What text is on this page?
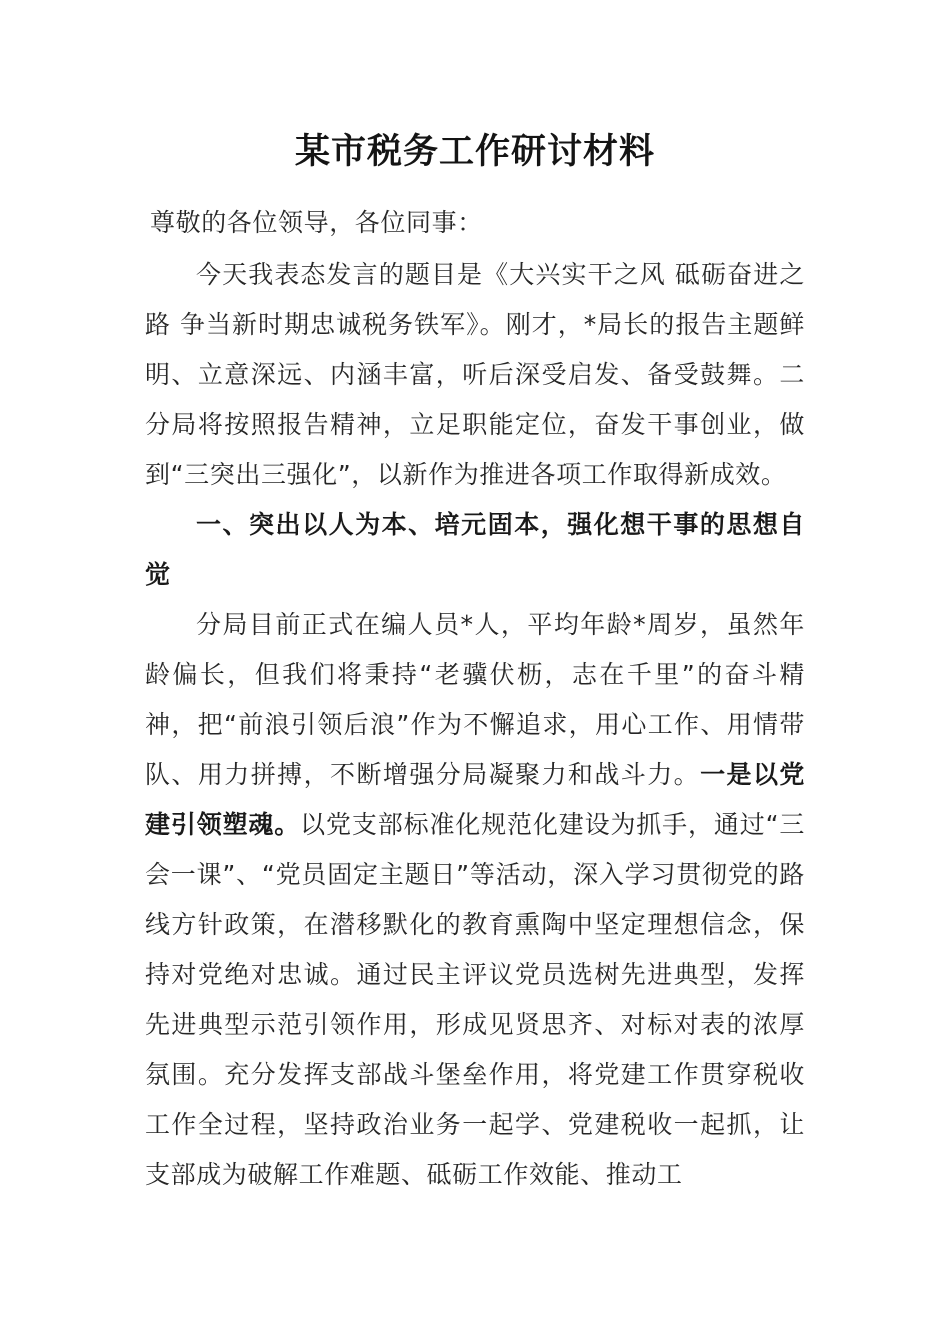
某市税务工作研讨材料
尊敬的各位领导，各位同事：
今天我表态发言的题目是《大兴实干之风 砥砺奋进之路 争当新时期忠诚税务铁军》。刚才，*局长的报告主题鲜明、立意深远、内涵丰富，听后深受启发、备受鼓舞。二分局将按照报告精神，立足职能定位，奋发干事创业，做到“三突出三强化”，以新作为推进各项工作取得新成效。
一、突出以人为本、培元固本，强化想干事的思想自觉
分局目前正式在编人员*人，平均年龄*周岁，虽然年龄偏长，但我们将秉持“老骥伏枥，志在千里”的奋斗精神，把“前浪引领后浪”作为不懈追求，用心工作、用情带队、用力拼搏，不断增强分局凝聚力和战斗力。一是以党建引领塑魂。以党支部标准化规范化建设为抓手，通过“三会一课”、“党员固定主题日”等活动，深入学习贯彻党的路线方针政策，在潜移默化的教育熏陶中坚定理想信念，保持对党绝对忠诚。通过民主评议党员选树先进典型，发挥先进典型示范引领作用，形成见贤思齐、对标对表的浓厚氛围。充分发挥支部战斗堡垒作用，将党建工作贯穿税收工作全过程，坚持政治业务一起学、党建税收一起抓，让支部成为破解工作难题、砥砺工作效能、推动工
